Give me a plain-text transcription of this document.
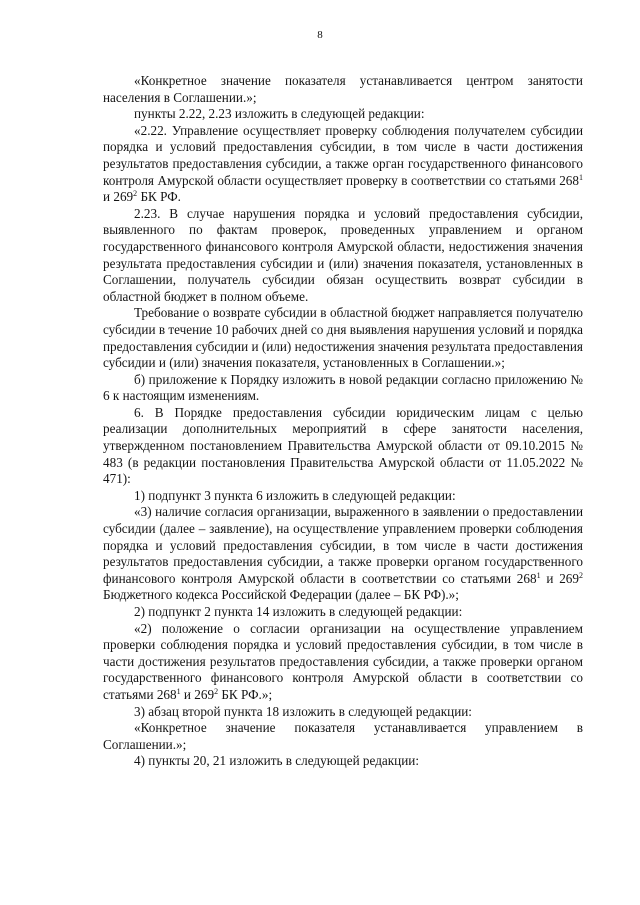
8

«Конкретное значение показателя устанавливается центром занятости населения в Соглашении.»;

пункты 2.22, 2.23 изложить в следующей редакции:

«2.22. Управление осуществляет проверку соблюдения получателем субсидии порядка и условий предоставления субсидии, в том числе в части достижения результатов предоставления субсидии, а также орган государственного финансового контроля Амурской области осуществляет проверку в соответствии со статьями $268^1$ и $269^2$ БК РФ.

2.23. В случае нарушения порядка и условий предоставления субсидии, выявленного по фактам проверок, проведенных управлением и органом государственного финансового контроля Амурской области, недостижения значения результата предоставления субсидии и (или) значения показателя, установленных в Соглашении, получатель субсидии обязан осуществить возврат субсидии в областной бюджет в полном объеме.

Требование о возврате субсидии в областной бюджет направляется получателю субсидии в течение 10 рабочих дней со дня выявления нарушения условий и порядка предоставления субсидии и (или) недостижения значения результата предоставления субсидии и (или) значения показателя, установленных в Соглашении.»;

б) приложение к Порядку изложить в новой редакции согласно приложению № 6 к настоящим изменениям.

6. В Порядке предоставления субсидии юридическим лицам с целью реализации дополнительных мероприятий в сфере занятости населения, утвержденном постановлением Правительства Амурской области от 09.10.2015 № 483 (в редакции постановления Правительства Амурской области от 11.05.2022 № 471):

1) подпункт 3 пункта 6 изложить в следующей редакции:

«3) наличие согласия организации, выраженного в заявлении о предоставлении субсидии (далее – заявление), на осуществление управлением проверки соблюдения порядка и условий предоставления субсидии, в том числе в части достижения результатов предоставления субсидии, а также проверки органом государственного финансового контроля Амурской области в соответствии со статьями $268^1$ и $269^2$ Бюджетного кодекса Российской Федерации (далее – БК РФ).»;

2) подпункт 2 пункта 14 изложить в следующей редакции:

«2) положение о согласии организации на осуществление управлением проверки соблюдения порядка и условий предоставления субсидии, в том числе в части достижения результатов предоставления субсидии, а также проверки органом государственного финансового контроля Амурской области в соответствии со статьями $268^1$ и $269^2$ БК РФ.»;

3) абзац второй пункта 18 изложить в следующей редакции:

«Конкретное значение показателя устанавливается управлением в Соглашении.»;

4) пункты 20, 21 изложить в следующей редакции:
